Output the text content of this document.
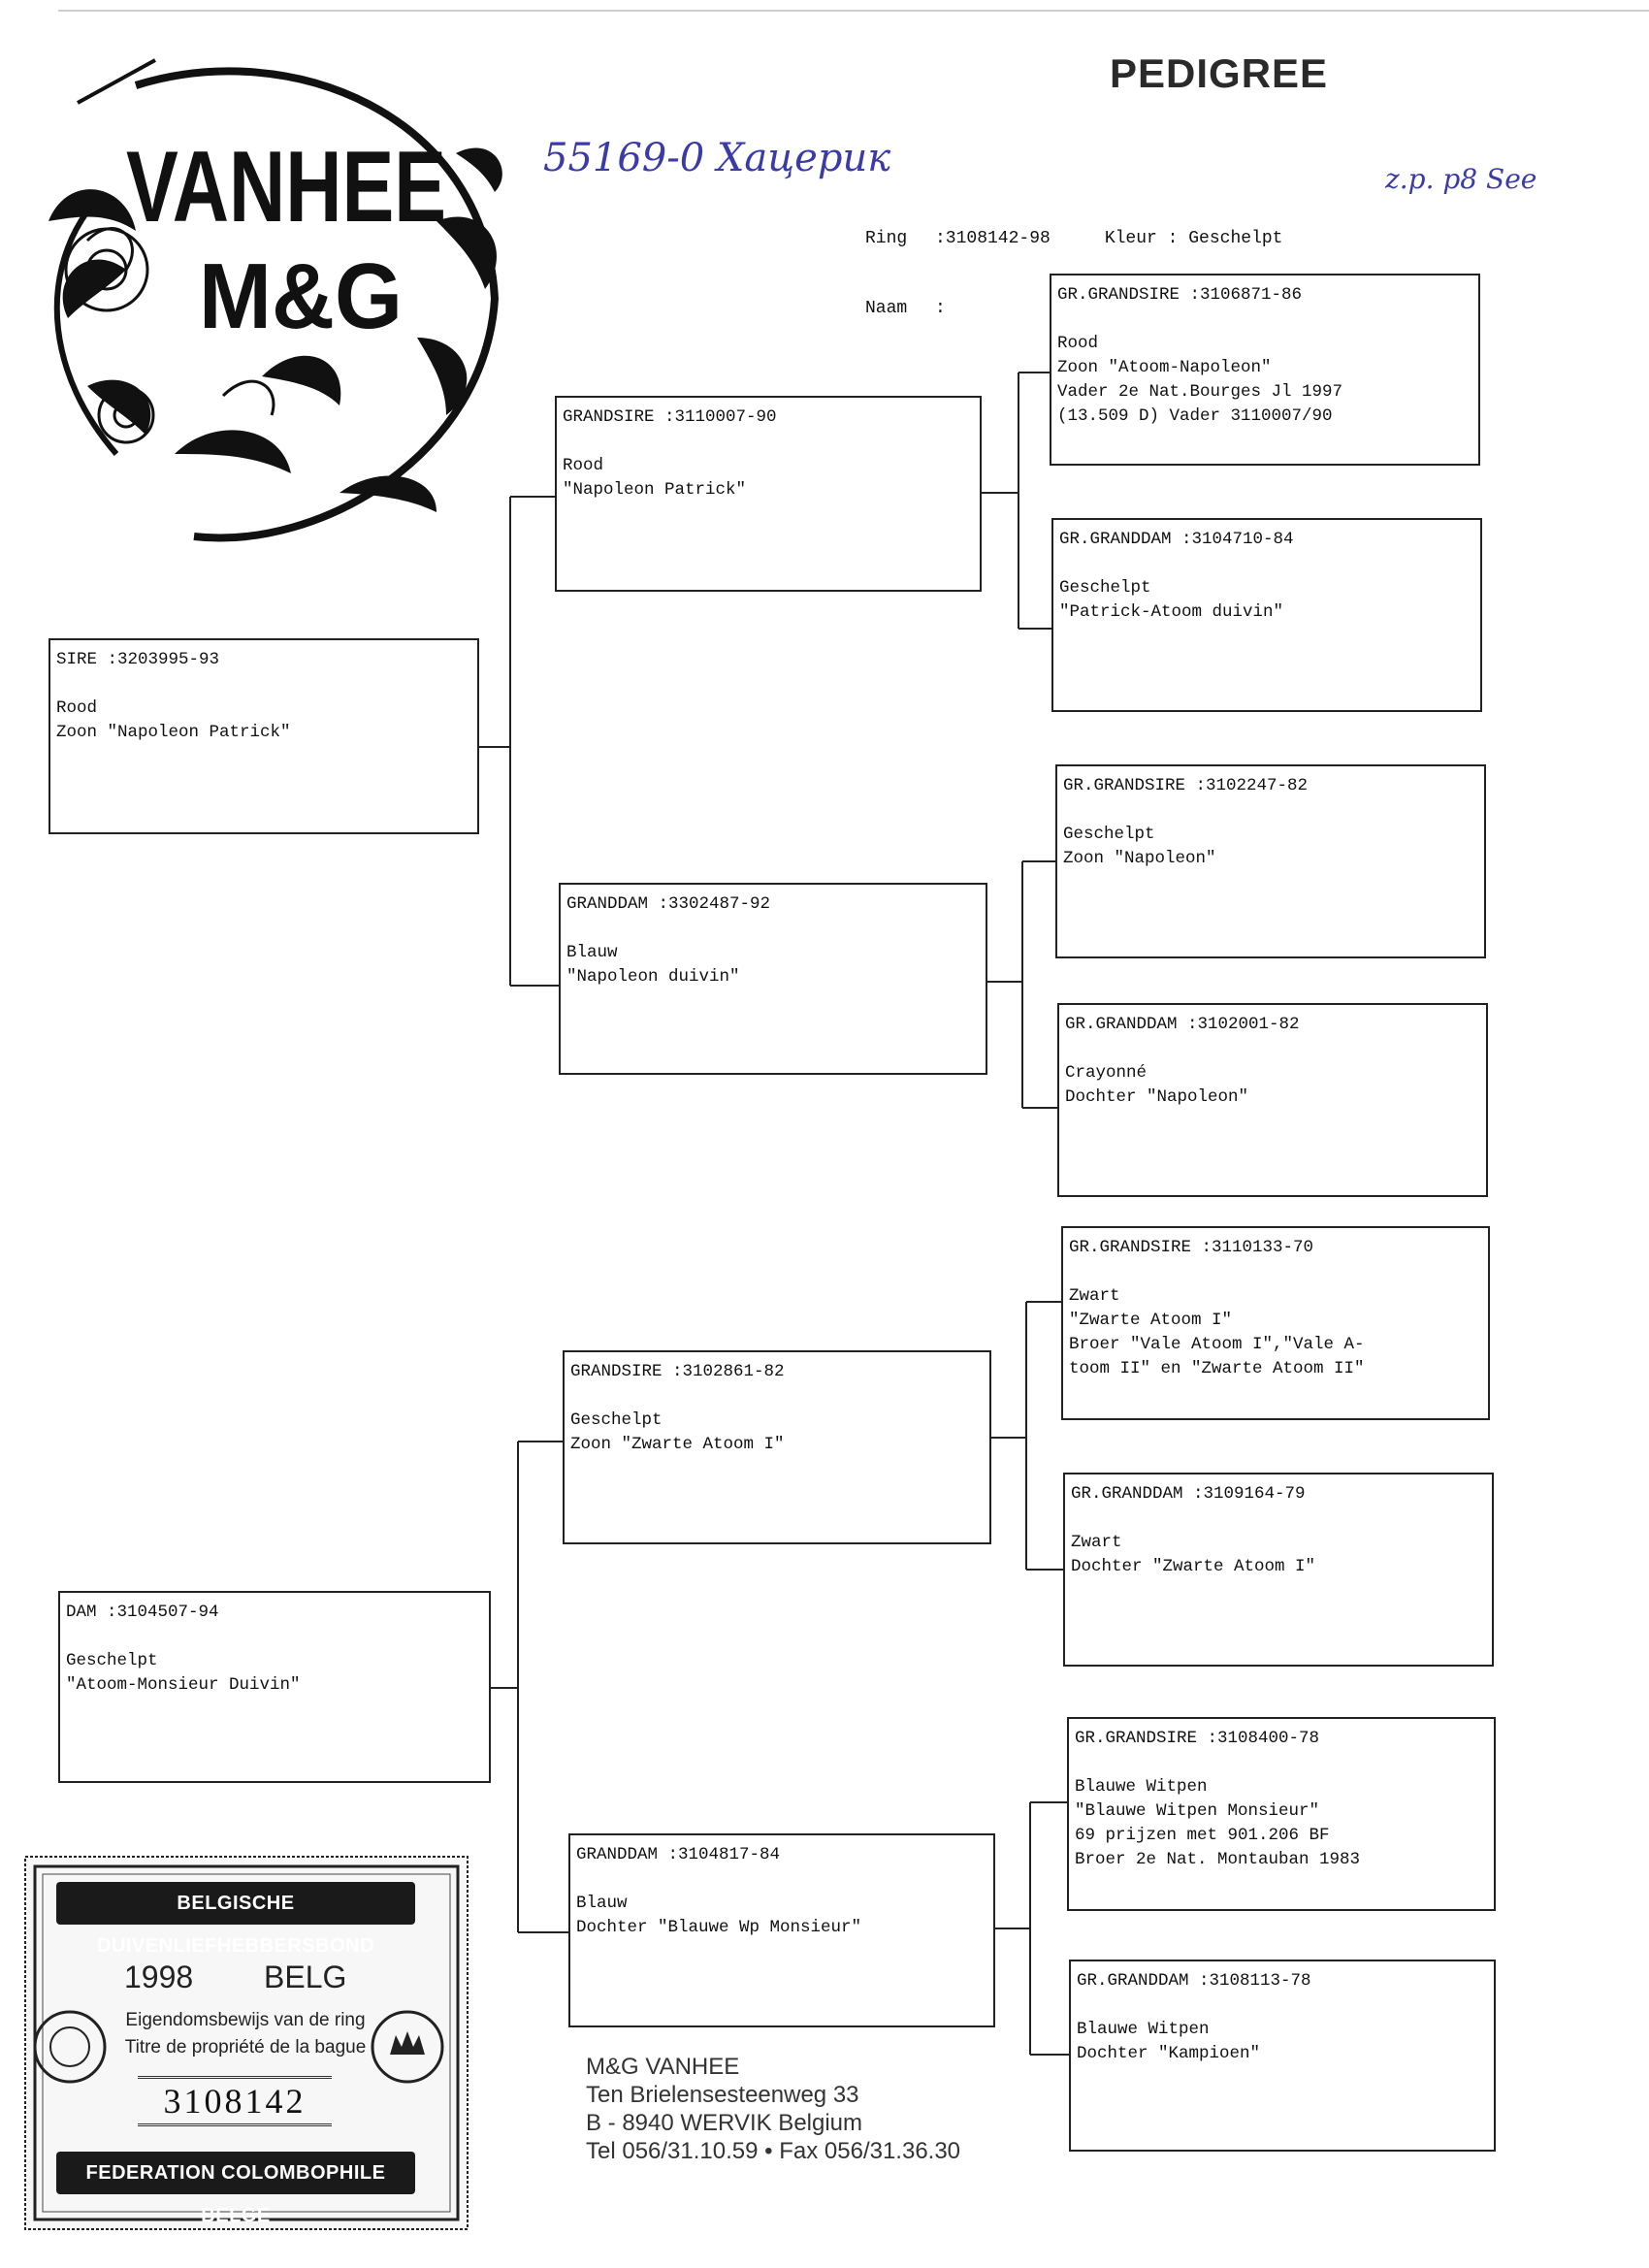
PEDIGREE
55169-0 Хацерик	z.p. p8 See

Ring	:3108142-98	Kleur
: Geschelpt

Naam	:

VANHEE
M&G
SIRE :3203995-93
Rood
Zoon "Napoleon Patrick"
DAM :3104507-94
Geschelpt
"Atoom-Monsieur Duivin"
GRANDSIRE :3110007-90
Rood
"Napoleon Patrick"
GRANDDAM :3302487-92
Blauw
"Napoleon duivin"
GRANDSIRE :3102861-82
Geschelpt
Zoon "Zwarte Atoom I"
GRANDDAM :3104817-84
Blauw
Dochter "Blauwe Wp Monsieur"
GR.GRANDSIRE :3106871-86
Rood
Zoon "Atoom-Napoleon"
Vader 2e Nat.Bourges Jl 1997
(13.509 D) Vader 3110007/90
GR.GRANDDAM :3104710-84
Geschelpt
"Patrick-Atoom duivin"
GR.GRANDSIRE :3102247-82
Geschelpt
Zoon "Napoleon"
GR.GRANDDAM :3102001-82
Crayonné
Dochter "Napoleon"
GR.GRANDSIRE :3110133-70
Zwart
"Zwarte Atoom I"
Broer "Vale Atoom I","Vale A-
toom II" en "Zwarte Atoom II"
GR.GRANDDAM :3109164-79
Zwart
Dochter "Zwarte Atoom I"
GR.GRANDSIRE :3108400-78
Blauwe Witpen
"Blauwe Witpen Monsieur"
69 prijzen met 901.206 BF
Broer 2e Nat. Montauban 1983
GR.GRANDDAM :3108113-78
Blauwe Witpen
Dochter "Kampioen"
BELGISCHE DUIVENLIEFHEBBERSBOND
1998 BELG
Eigendomsbewijs van de ring
Titre de propriété de la bague
3108142
FEDERATION COLOMBOPHILE BELGE
M&G VANHEE
Ten Brielensesteenweg 33
B - 8940 WERVIK Belgium
Tel 056/31.10.59 • Fax 056/31.36.30
